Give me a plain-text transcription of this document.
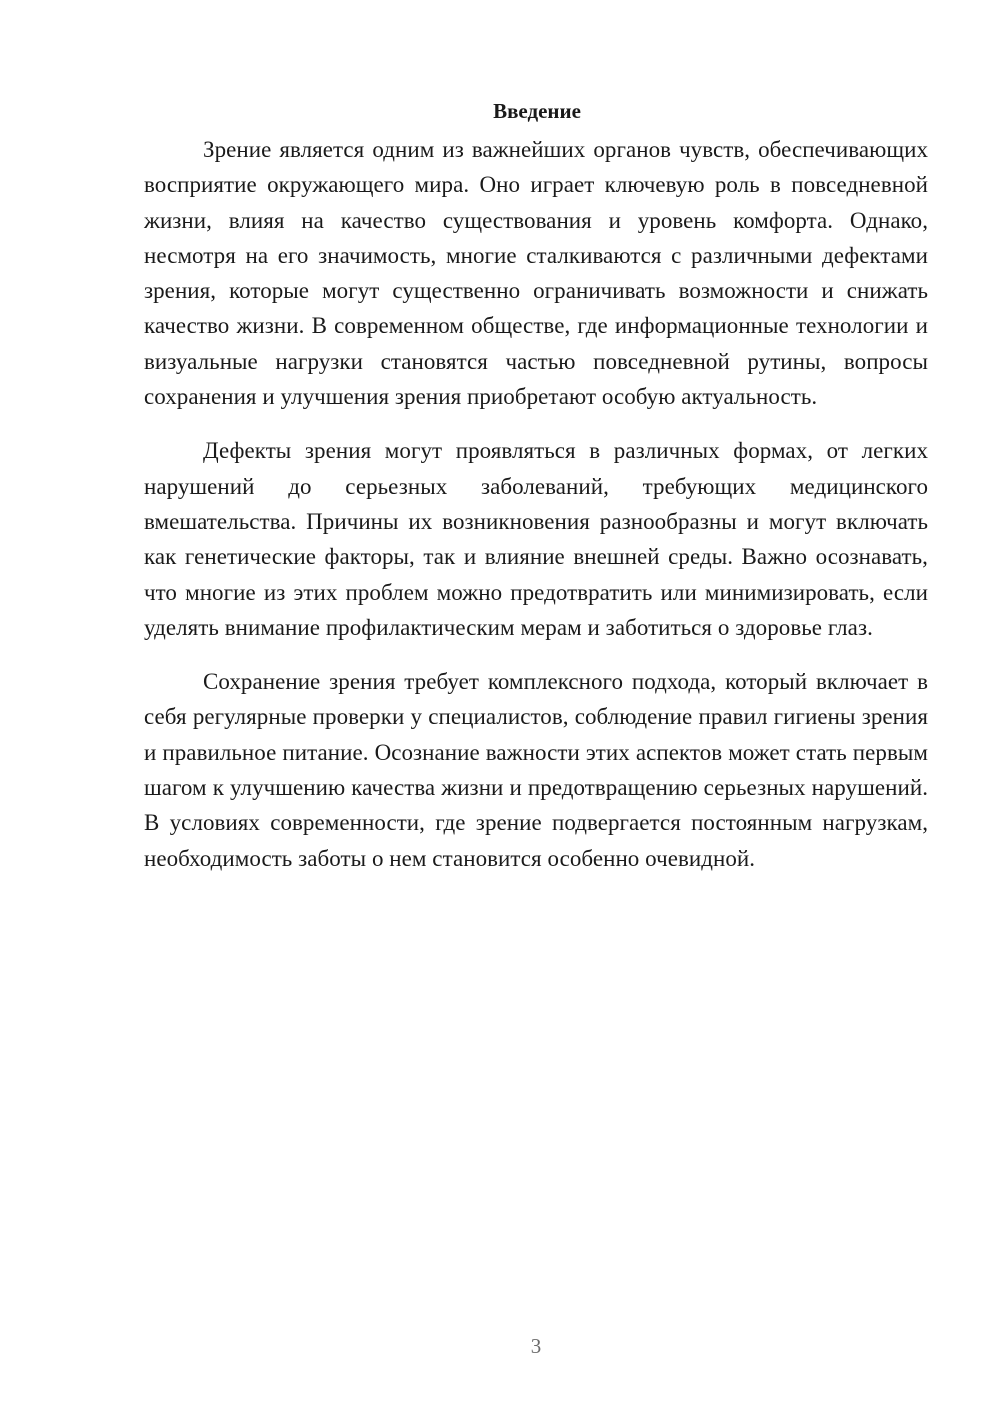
Введение

Зрение является одним из важнейших органов чувств, обеспечивающих восприятие окружающего мира. Оно играет ключевую роль в повседневной жизни, влияя на качество существования и уровень комфорта. Однако, несмотря на его значимость, многие сталкиваются с различными дефектами зрения, которые могут существенно ограничивать возможности и снижать качество жизни. В современном обществе, где информационные технологии и визуальные нагрузки становятся частью повседневной рутины, вопросы сохранения и улучшения зрения приобретают особую актуальность.

Дефекты зрения могут проявляться в различных формах, от легких нарушений до серьезных заболеваний, требующих медицинского вмешательства. Причины их возникновения разнообразны и могут включать как генетические факторы, так и влияние внешней среды. Важно осознавать, что многие из этих проблем можно предотвратить или минимизировать, если уделять внимание профилактическим мерам и заботиться о здоровье глаз.

Сохранение зрения требует комплексного подхода, который включает в себя регулярные проверки у специалистов, соблюдение правил гигиены зрения и правильное питание. Осознание важности этих аспектов может стать первым шагом к улучшению качества жизни и предотвращению серьезных нарушений. В условиях современности, где зрение подвергается постоянным нагрузкам, необходимость заботы о нем становится особенно очевидной.

3
